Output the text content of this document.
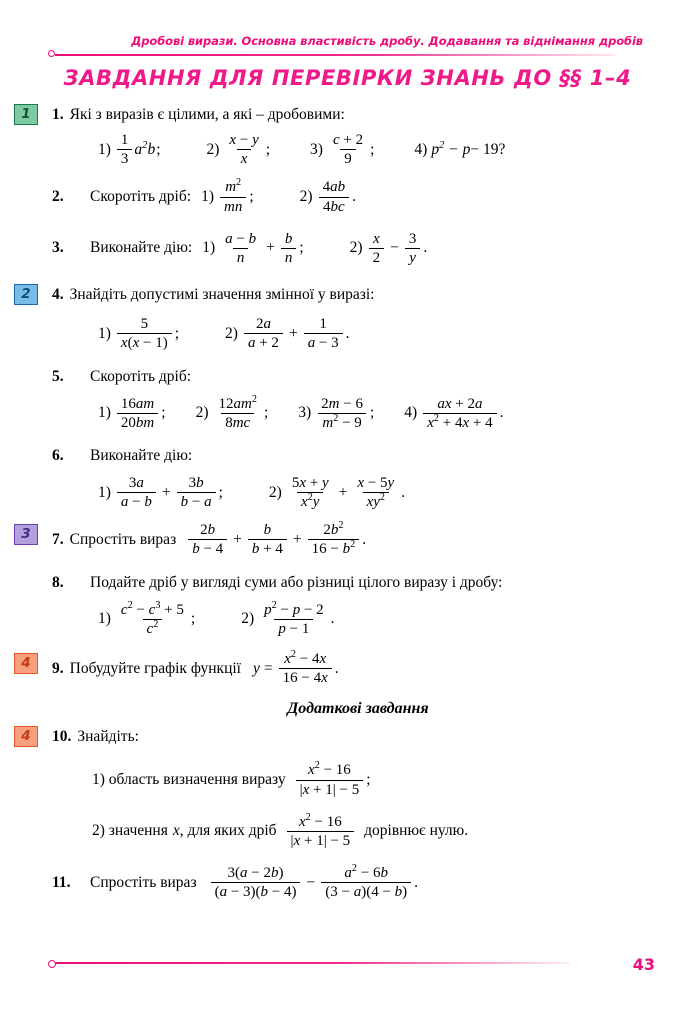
Дробові вирази. Основна властивість дробу. Додавання та віднімання дробів
ЗАВДАННЯ ДЛЯ ПЕРЕВІРКИ ЗНАНЬ ДО §§ 1–4
1	1. Які з виразів є цілими, а які – дробовими:
$1) \frac{1}{3} a^2b$ ;	$2) \frac{x - y}{x}$ ;	$3) \frac{c + 2}{9}$ ;	4) $p^2 - p - 19$?
2.	Скоротіть дріб: $1) \frac{m^2}{mn}$ ;	$2) \frac{4ab}{4bc}$ .
3.	Виконайте дію: $1) \frac{a - b}{n} + \frac{b}{n}$ ;	$2) \frac{x}{2} - \frac{3}{y}$ .
2	4. Знайдіть допустимі значення змінної у виразі:
$1) \frac{5}{x(x - 1)}$ ;	$2) \frac{2a}{a + 2} + \frac{1}{a - 3}$ .
5.	Скоротіть дріб:
$1) \frac{16am}{20bm}$ ; $2) \frac{12am^2}{8mc}$ ; $3) \frac{2m - 6}{m^2 - 9}$ ; $4) \frac{ax + 2a}{x^2 + 4x + 4}$ .
6.	Виконайте дію:
$1) \frac{3a}{a - b} + \frac{3b}{b - a}$ ;	$2) \frac{5x + y}{x^2y} + \frac{x - 5y}{xy^2}$ .
3	7. Спростіть вираз $\frac{2b}{b - 4} + \frac{b}{b + 4} + \frac{2b^2}{16 - b^2}$ .
8.	Подайте дріб у вигляді суми або різниці цілого виразу і дробу:
$1) \frac{c^2 - c^3 + 5}{c^2}$ ;	$2) \frac{p^2 - p - 2}{p - 1}$ .
4	9. Побудуйте графік функції $y = \frac{x^2 - 4x}{16 - 4x}$ .
Додаткові завдання
4	10. Знайдіть:
1) область визначення виразу $\frac{x^2 - 16}{|x + 1| - 5}$ ;
2) значення x , для яких дріб $\frac{x^2 - 16}{|x + 1| - 5}$ дорівнює нулю.
11.	Спростіть вираз $\frac{3(a - 2b)}{(a - 3)(b - 4)} - \frac{a^2 - 6b}{(3 - a)(4 - b)}$ .
43
